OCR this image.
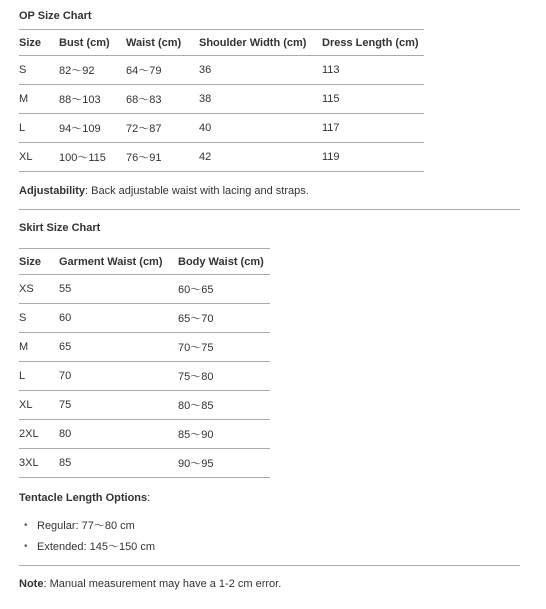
OP Size Chart
Size	Bust (cm)	Waist (cm)	Shoulder Width (cm)	Dress Length (cm)
S	82～92	64～79	36	113
M	88～103	68～83	38	115
L	94～109	72～87	40	117
XL	100～115	76～91	42	119

Adjustability: Back adjustable waist with lacing and straps.

Skirt Size Chart
Size	Garment Waist (cm)	Body Waist (cm)
XS	55	60～65
S	60	65～70
M	65	70～75
L	70	75～80
XL	75	80～85
2XL	80	85～90
3XL	85	90～95

Tentacle Length Options:

• Regular: 77～80 cm
• Extended: 145～150 cm

Note: Manual measurement may have a 1-2 cm error.
